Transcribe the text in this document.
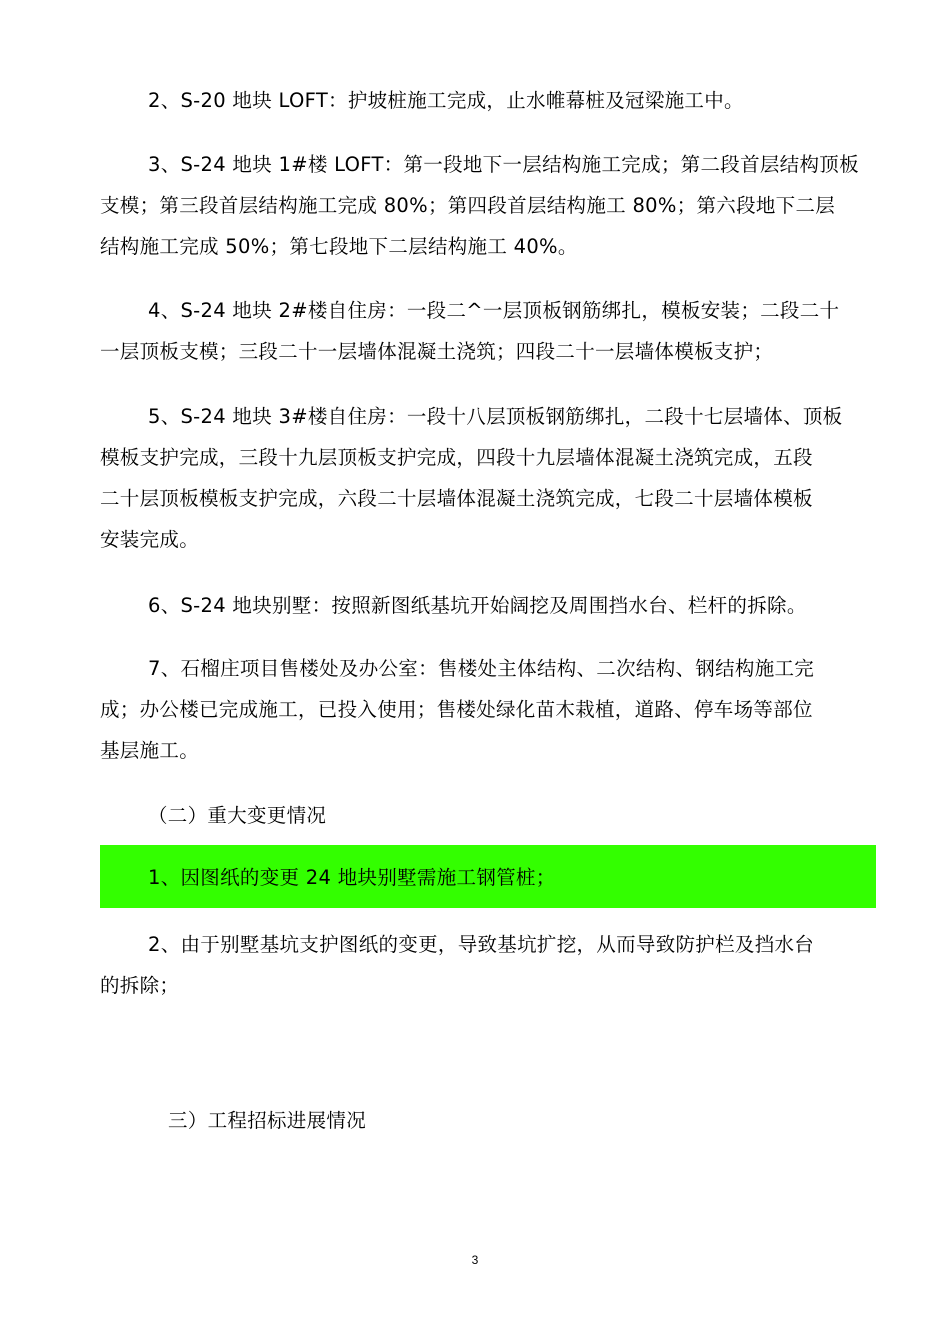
2、S-20 地块 LOFT：护坡桩施工完成，止水帷幕桩及冠梁施工中。

3、S-24 地块 1#楼 LOFT：第一段地下一层结构施工完成；第二段首层结构顶板
支模；第三段首层结构施工完成 80%；第四段首层结构施工 80%；第六段地下二层
结构施工完成 50%；第七段地下二层结构施工 40%。

4、S-24 地块 2#楼自住房：一段二^一层顶板钢筋绑扎，模板安装；二段二十
一层顶板支模；三段二十一层墙体混凝土浇筑；四段二十一层墙体模板支护；

5、S-24 地块 3#楼自住房：一段十八层顶板钢筋绑扎，二段十七层墙体、顶板
模板支护完成，三段十九层顶板支护完成，四段十九层墙体混凝土浇筑完成，五段
二十层顶板模板支护完成，六段二十层墙体混凝土浇筑完成，七段二十层墙体模板
安装完成。

6、S-24 地块别墅：按照新图纸基坑开始阔挖及周围挡水台、栏杆的拆除。

7、石榴庄项目售楼处及办公室：售楼处主体结构、二次结构、钢结构施工完
成；办公楼已完成施工，已投入使用；售楼处绿化苗木栽植，道路、停车场等部位
基层施工。

（二）重大变更情况

1、因图纸的变更 24 地块别墅需施工钢管桩；

2、由于别墅基坑支护图纸的变更，导致基坑扩挖，从而导致防护栏及挡水台
的拆除；

三）工程招标进展情况

3
